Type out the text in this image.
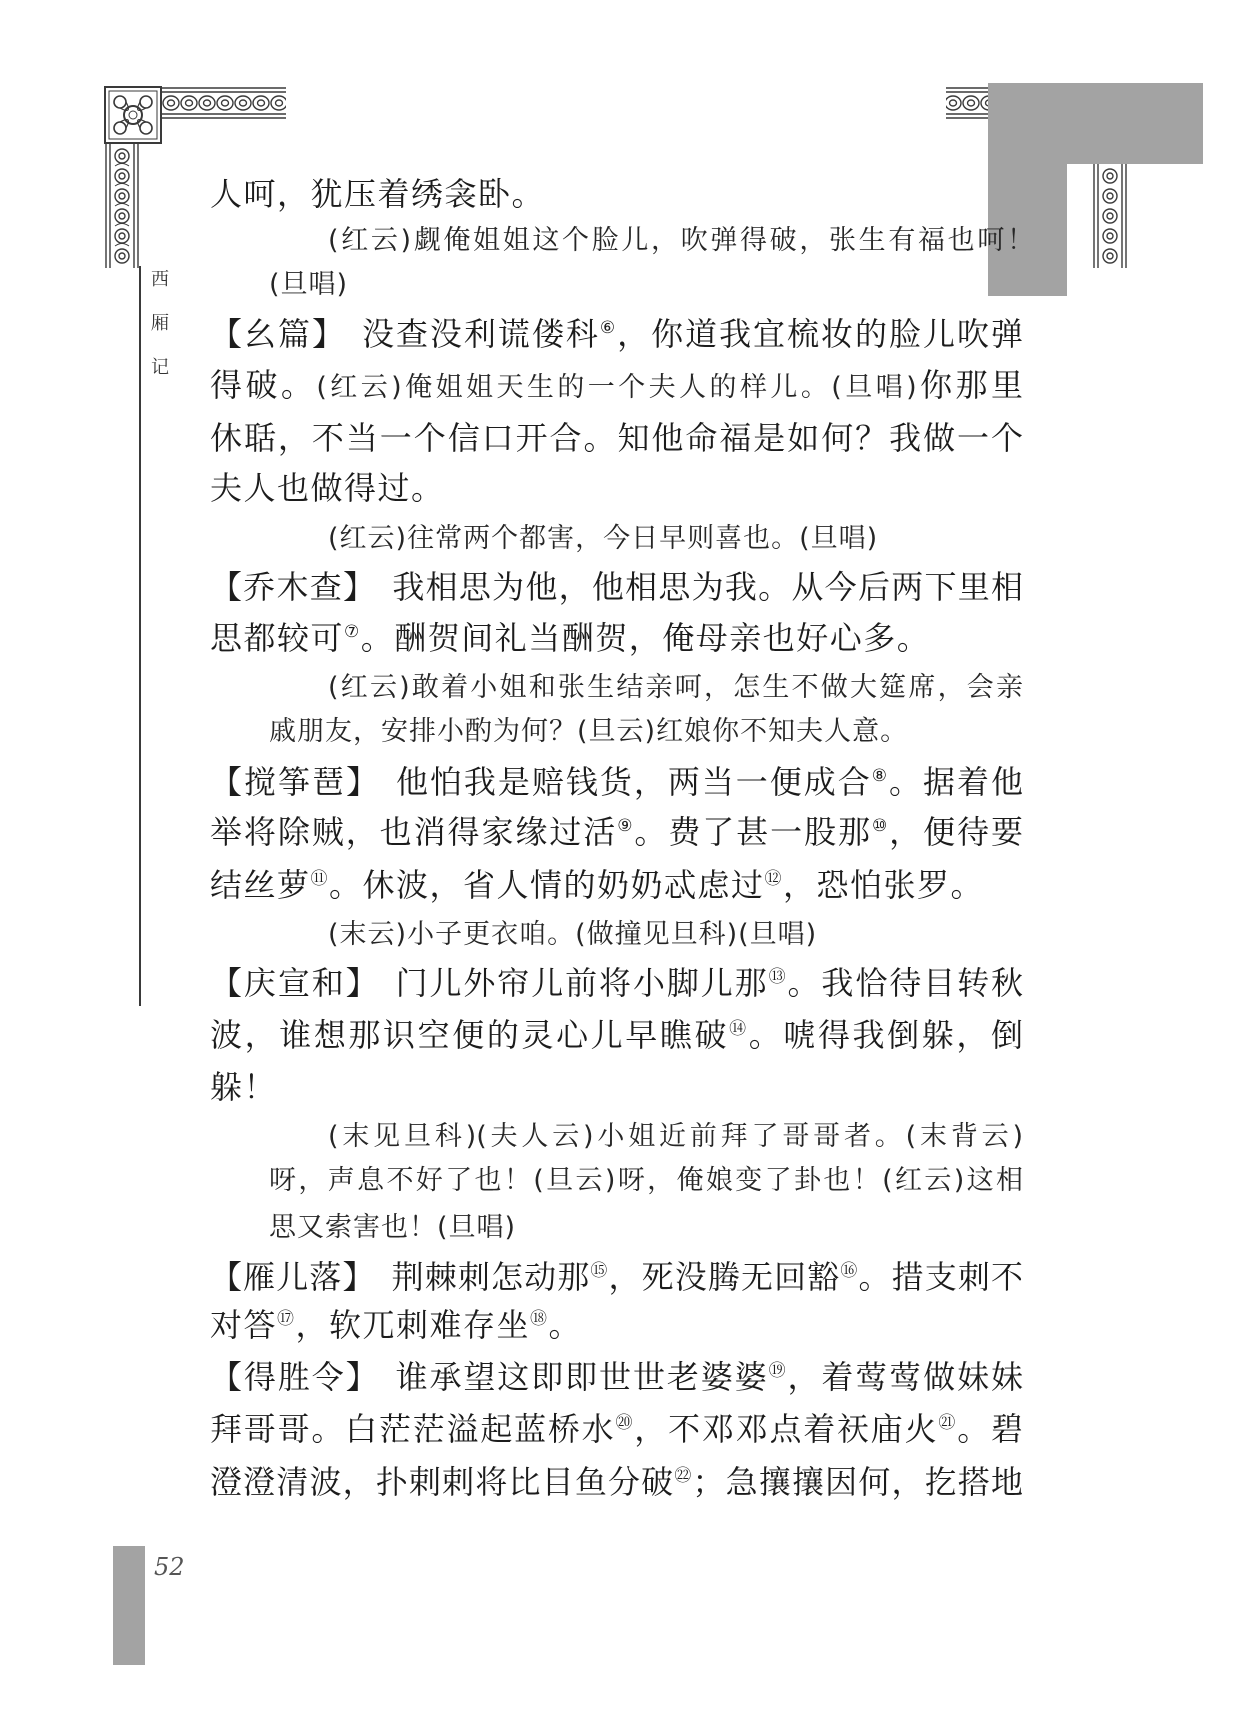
西
厢
记
人呵，犹压着绣衾卧。
(红云)觑俺姐姐这个脸儿，吹弹得破，张生有福也呵！
(旦唱)
【幺篇】 没查没利谎偻科⑥，你道我宜梳妆的脸儿吹弹
得破。(红云)俺姐姐天生的一个夫人的样儿。(旦唱)你那里
休聒，不当一个信口开合。知他命福是如何？我做一个
夫人也做得过。
(红云)往常两个都害，今日早则喜也。(旦唱)
【乔木查】 我相思为他，他相思为我。从今后两下里相
思都较可⑦。酬贺间礼当酬贺，俺母亲也好心多。
(红云)敢着小姐和张生结亲呵，怎生不做大筵席，会亲
戚朋友，安排小酌为何？(旦云)红娘你不知夫人意。
【搅筝琶】 他怕我是赔钱货，两当一便成合⑧。据着他
举将除贼，也消得家缘过活⑨。费了甚一股那⑩，便待要
结丝萝⑪。休波，省人情的奶奶忒虑过⑫，恐怕张罗。
(末云)小子更衣咱。(做撞见旦科)(旦唱)
【庆宣和】 门儿外帘儿前将小脚儿那⑬。我恰待目转秋
波，谁想那识空便的灵心儿早瞧破⑭。唬得我倒躲，倒
躲！
(末见旦科)(夫人云)小姐近前拜了哥哥者。(末背云)
呀，声息不好了也！(旦云)呀，俺娘变了卦也！(红云)这相
思又索害也！(旦唱)
【雁儿落】 荆棘刺怎动那⑮，死没腾无回豁⑯。措支刺不
对答⑰，软兀刺难存坐⑱。
【得胜令】 谁承望这即即世世老婆婆⑲，着莺莺做妹妹
拜哥哥。白茫茫溢起蓝桥水⑳，不邓邓点着祆庙火$^㉑$。碧
澄澄清波，扑剌剌将比目鱼分破$^㉒$；急攘攘因何，扢搭地
52
